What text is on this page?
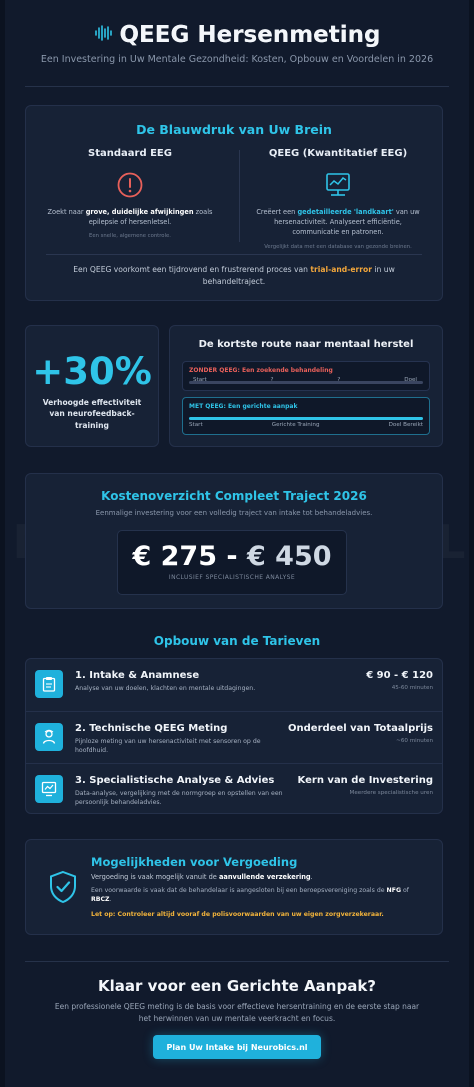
QEEG Hersenmeting
Een Investering in Uw Mentale Gezondheid: Kosten, Opbouw en Voordelen in 2026
De Blauwdruk van Uw Brein
Standaard EEG
Zoekt naar grove, duidelijke afwijkingen zoals epilepsie of hersenletsel.
Een snelle, algemene controle.
QEEG (Kwantitatief EEG)
Creëert een gedetailleerde 'landkaart' van uw hersenactiviteit. Analyseert efficiëntie, communicatie en patronen.
Vergelijkt data met een database van gezonde breinen.
Een QEEG voorkomt een tijdrovend en frustrerend proces van trial-and-error in uw behandeltraject.
+30%
Verhoogde effectiviteit van neurofeedback-training
De kortste route naar mentaal herstel
ZONDER QEEG: Een zoekende behandeling
Start	?	?	Doel
MET QEEG: Een gerichte aanpak
Start	Gerichte Training	Doel Bereikt
Kostenoverzicht Compleet Traject 2026
Eenmalige investering voor een volledig traject van intake tot behandeladvies.
€ 275 - € 450
INCLUSIEF SPECIALISTISCHE ANALYSE
Opbouw van de Tarieven
1. Intake & Anamnese
Analyse van uw doelen, klachten en mentale uitdagingen.
€ 90 - € 120
45-60 minuten
2. Technische QEEG Meting
Pijnloze meting van uw hersenactiviteit met sensoren op de hoofdhuid.
Onderdeel van Totaalprijs
~60 minuten
3. Specialistische Analyse & Advies
Data-analyse, vergelijking met de normgroep en opstellen van een persoonlijk behandeladvies.
Kern van de Investering
Meerdere specialistische uren
Mogelijkheden voor Vergoeding
Vergoeding is vaak mogelijk vanuit de aanvullende verzekering.
Een voorwaarde is vaak dat de behandelaar is aangesloten bij een beroepsvereniging zoals de NFG of RBCZ.
Let op: Controleer altijd vooraf de polisvoorwaarden van uw eigen zorgverzekeraar.
Klaar voor een Gerichte Aanpak?
Een professionele QEEG meting is de basis voor effectieve hersentraining en de eerste stap naar het herwinnen van uw mentale veerkracht en focus.
Plan Uw Intake bij Neurobics.nl
